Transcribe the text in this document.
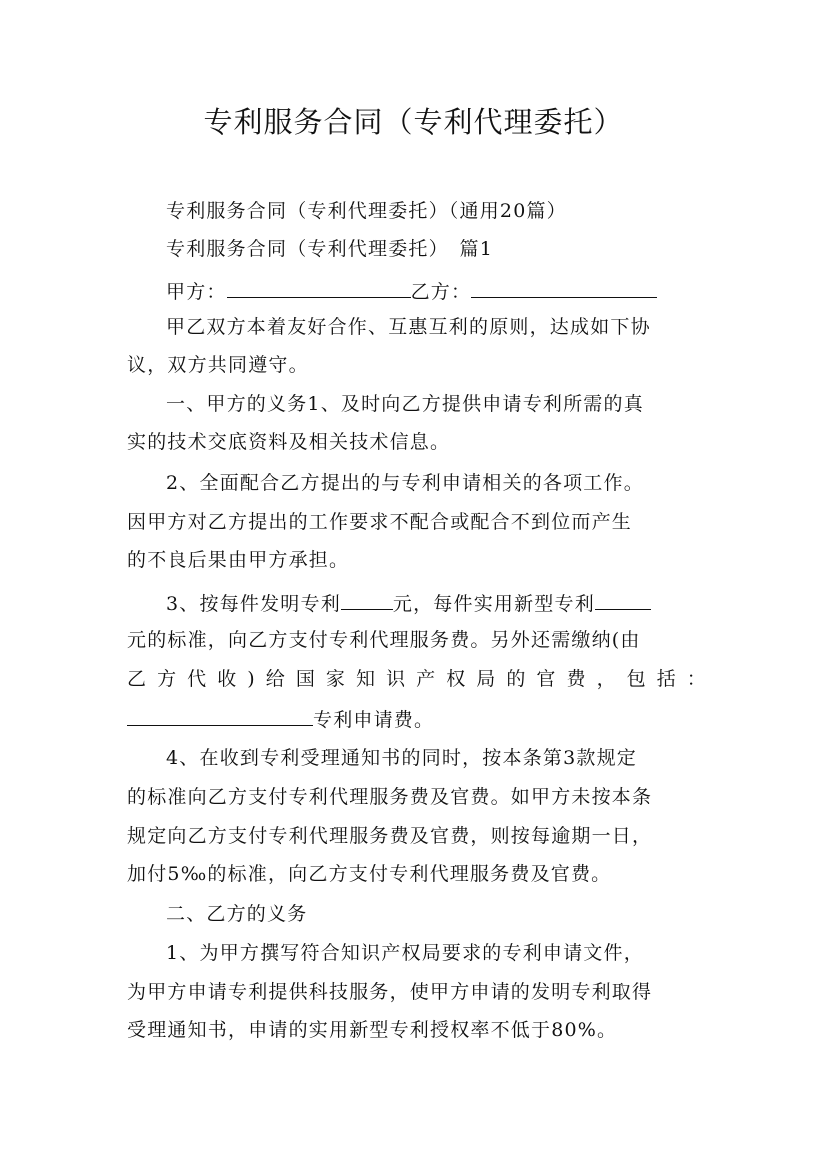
专利服务合同（专利代理委托）
专利服务合同（专利代理委托）（通用20篇）
专利服务合同（专利代理委托）　篇1
甲方：	乙方：
甲乙双方本着友好合作、互惠互利的原则，达成如下协
议，双方共同遵守。
一、甲方的义务1、及时向乙方提供申请专利所需的真
实的技术交底资料及相关技术信息。
2、全面配合乙方提出的与专利申请相关的各项工作。
因甲方对乙方提出的工作要求不配合或配合不到位而产生
的不良后果由甲方承担。
3、按每件发明专利	元，每件实用新型专利
元的标准，向乙方支付专利代理服务费。另外还需缴纳(由
乙方代收)给国家知识产权局的官费，包括：
专利申请费。
4、在收到专利受理通知书的同时，按本条第3款规定
的标准向乙方支付专利代理服务费及官费。如甲方未按本条
规定向乙方支付专利代理服务费及官费，则按每逾期一日，
加付5‰的标准，向乙方支付专利代理服务费及官费。
二、乙方的义务
1、为甲方撰写符合知识产权局要求的专利申请文件，
为甲方申请专利提供科技服务，使甲方申请的发明专利取得
受理通知书，申请的实用新型专利授权率不低于80%。
